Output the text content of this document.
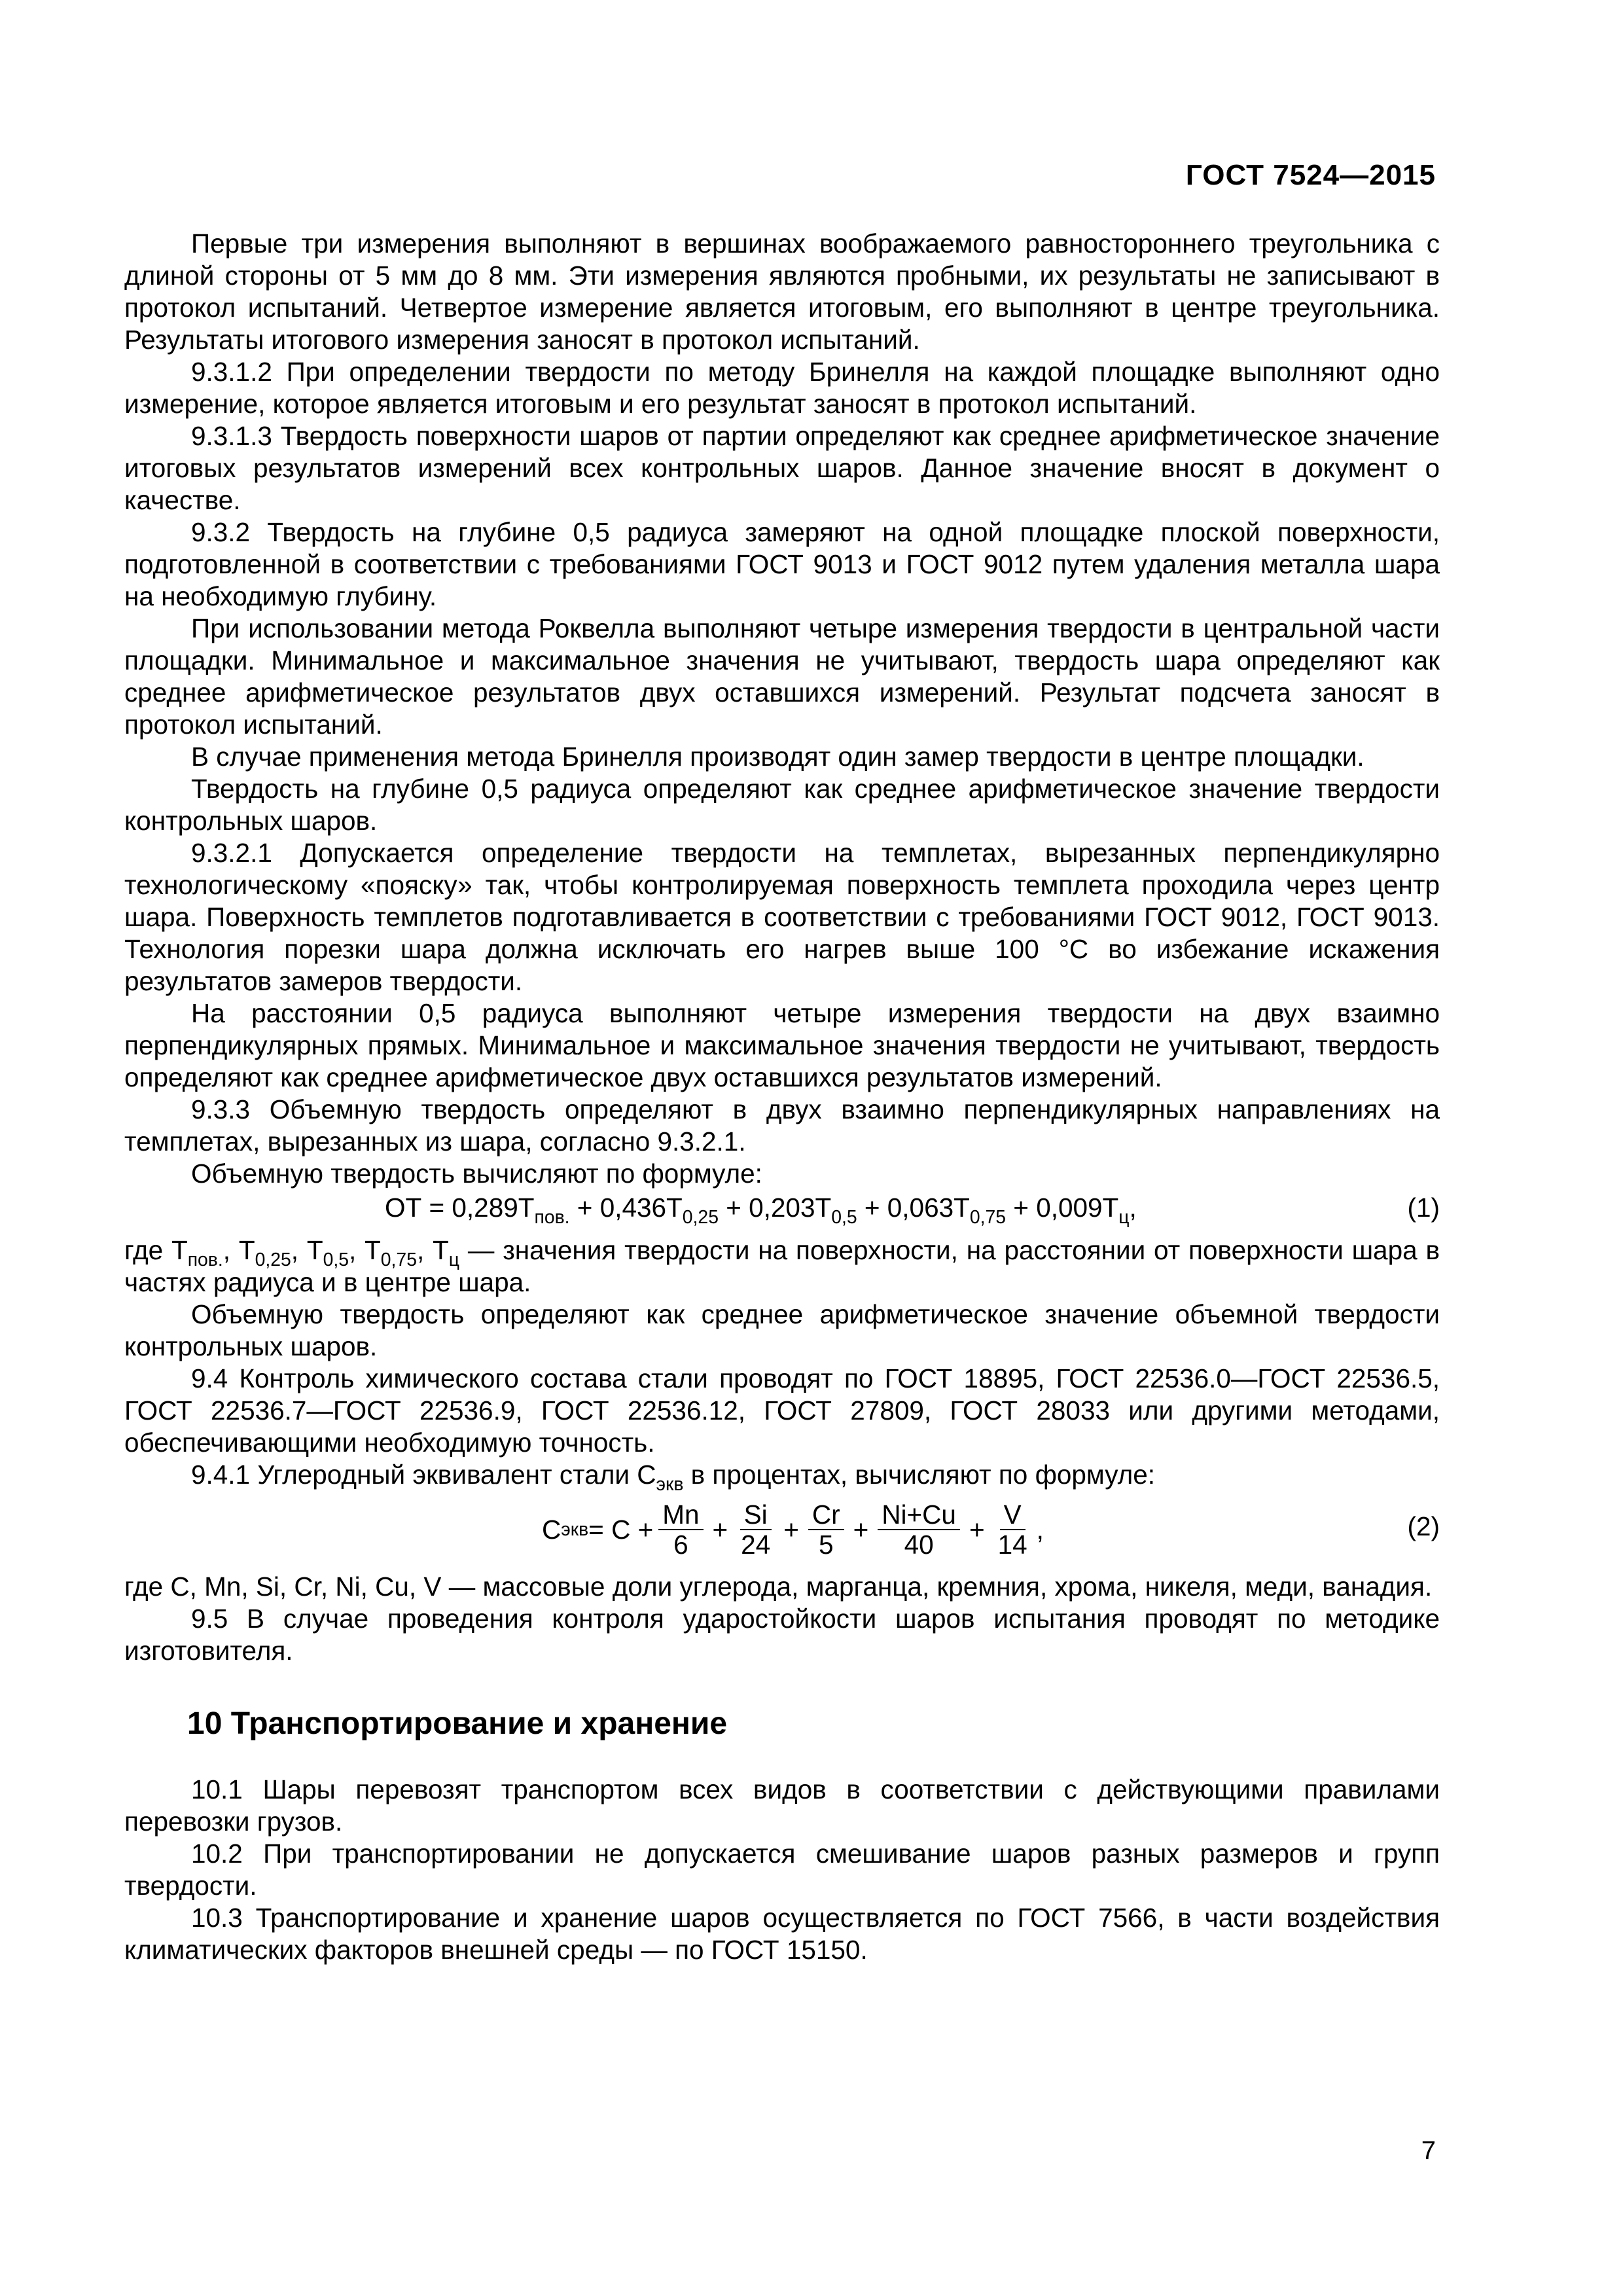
ГОСТ 7524—2015

Первые три измерения выполняют в вершинах воображаемого равностороннего треугольника с длиной стороны от 5 мм до 8 мм. Эти измерения являются пробными, их результаты не записывают в протокол испытаний. Четвертое измерение является итоговым, его выполняют в центре треугольника. Результаты итогового измерения заносят в протокол испытаний.

9.3.1.2 При определении твердости по методу Бринелля на каждой площадке выполняют одно измерение, которое является итоговым и его результат заносят в протокол испытаний.

9.3.1.3 Твердость поверхности шаров от партии определяют как среднее арифметическое значение итоговых результатов измерений всех контрольных шаров. Данное значение вносят в документ о качестве.

9.3.2 Твердость на глубине 0,5 радиуса замеряют на одной площадке плоской поверхности, подготовленной в соответствии с требованиями ГОСТ 9013 и ГОСТ 9012 путем удаления металла шара на необходимую глубину.

При использовании метода Роквелла выполняют четыре измерения твердости в центральной части площадки. Минимальное и максимальное значения не учитывают, твердость шара определяют как среднее арифметическое результатов двух оставшихся измерений. Результат подсчета заносят в протокол испытаний.

В случае применения метода Бринелля производят один замер твердости в центре площадки.

Твердость на глубине 0,5 радиуса определяют как среднее арифметическое значение твердости контрольных шаров.

9.3.2.1 Допускается определение твердости на темплетах, вырезанных перпендикулярно технологическому «пояску» так, чтобы контролируемая поверхность темплета проходила через центр шара. Поверхность темплетов подготавливается в соответствии с требованиями ГОСТ 9012, ГОСТ 9013. Технология порезки шара должна исключать его нагрев выше 100 °С во избежание искажения результатов замеров твердости.

На расстоянии 0,5 радиуса выполняют четыре измерения твердости на двух взаимно перпендикулярных прямых. Минимальное и максимальное значения твердости не учитывают, твердость определяют как среднее арифметическое двух оставшихся результатов измерений.

9.3.3 Объемную твердость определяют в двух взаимно перпендикулярных направлениях на темплетах, вырезанных из шара, согласно 9.3.2.1.

Объемную твердость вычисляют по формуле:

ОТ = $0,289Т_{пов.} + 0,436Т_{0,25} + 0,203Т_{0,5} + 0,063Т_{0,75} + 0,009Т_ц$,	(1)

где $Т_{пов.}$, $Т_{0,25}$, $Т_{0,5}$, $Т_{0,75}$, $Т_ц$ — значения твердости на поверхности, на расстоянии от поверхности шара в частях радиуса и в центре шара.

Объемную твердость определяют как среднее арифметическое значение объемной твердости контрольных шаров.

9.4 Контроль химического состава стали проводят по ГОСТ 18895, ГОСТ 22536.0—ГОСТ 22536.5, ГОСТ 22536.7—ГОСТ 22536.9, ГОСТ 22536.12, ГОСТ 27809, ГОСТ 28033 или другими методами, обеспечивающими необходимую точность.

9.4.1 Углеродный эквивалент стали $С_{экв}$ в процентах, вычисляют по формуле:

С экв = $C + \frac{Mn}{6} + \frac{Si}{24} + \frac{Cr}{5} + \frac{Ni+Cu}{40} + \frac{V}{14}$ ,	(2)

где C, Mn, Si, Cr, Ni, Cu, V — массовые доли углерода, марганца, кремния, хрома, никеля, меди, ванадия.

9.5 В случае проведения контроля ударостойкости шаров испытания проводят по методике изготовителя.

10 Транспортирование и хранение

10.1 Шары перевозят транспортом всех видов в соответствии с действующими правилами перевозки грузов.

10.2 При транспортировании не допускается смешивание шаров разных размеров и групп твердости.

10.3 Транспортирование и хранение шаров осуществляется по ГОСТ 7566, в части воздействия климатических факторов внешней среды — по ГОСТ 15150.

7
